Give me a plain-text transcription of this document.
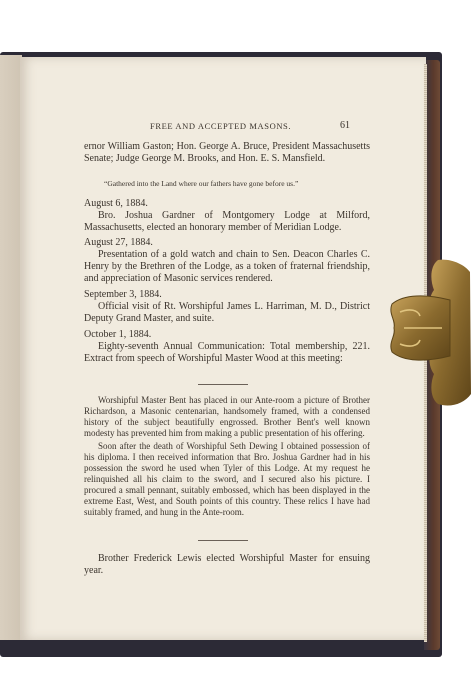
FREE AND ACCEPTED MASONS.	61

ernor William Gaston; Hon. George A. Bruce, President Massachusetts Senate; Judge George M. Brooks, and Hon. E. S. Mansfield.

“Gathered into the Land where our fathers have gone before us.”

August 6, 1884.

Bro. Joshua Gardner of Montgomery Lodge at Milford, Massachusetts, elected an honorary member of Meridian Lodge.

August 27, 1884.

Presentation of a gold watch and chain to Sen. Deacon Charles C. Henry by the Brethren of the Lodge, as a token of fraternal friendship, and appreciation of Masonic services rendered.

September 3, 1884.

Official visit of Rt. Worshipful James L. Harriman, M. D., District Deputy Grand Master, and suite.

October 1, 1884.

Eighty-seventh Annual Communication: Total membership, 221. Extract from speech of Worshipful Master Wood at this meeting:

Worshipful Master Bent has placed in our Ante-room a picture of Brother Richardson, a Masonic centenarian, handsomely framed, with a condensed history of the subject beautifully engrossed. Brother Bent's well known modesty has prevented him from making a public presentation of his offering.

Soon after the death of Worshipful Seth Dewing I obtained possession of his diploma. I then received information that Bro. Joshua Gardner had in his possession the sword he used when Tyler of this Lodge. At my request he relinquished all his claim to the sword, and I secured also his picture. I procured a small pennant, suitably embossed, which has been displayed in the extreme East, West, and South points of this country. These relics I have had suitably framed, and hung in the Ante-room.

Brother Frederick Lewis elected Worshipful Master for ensuing year.
